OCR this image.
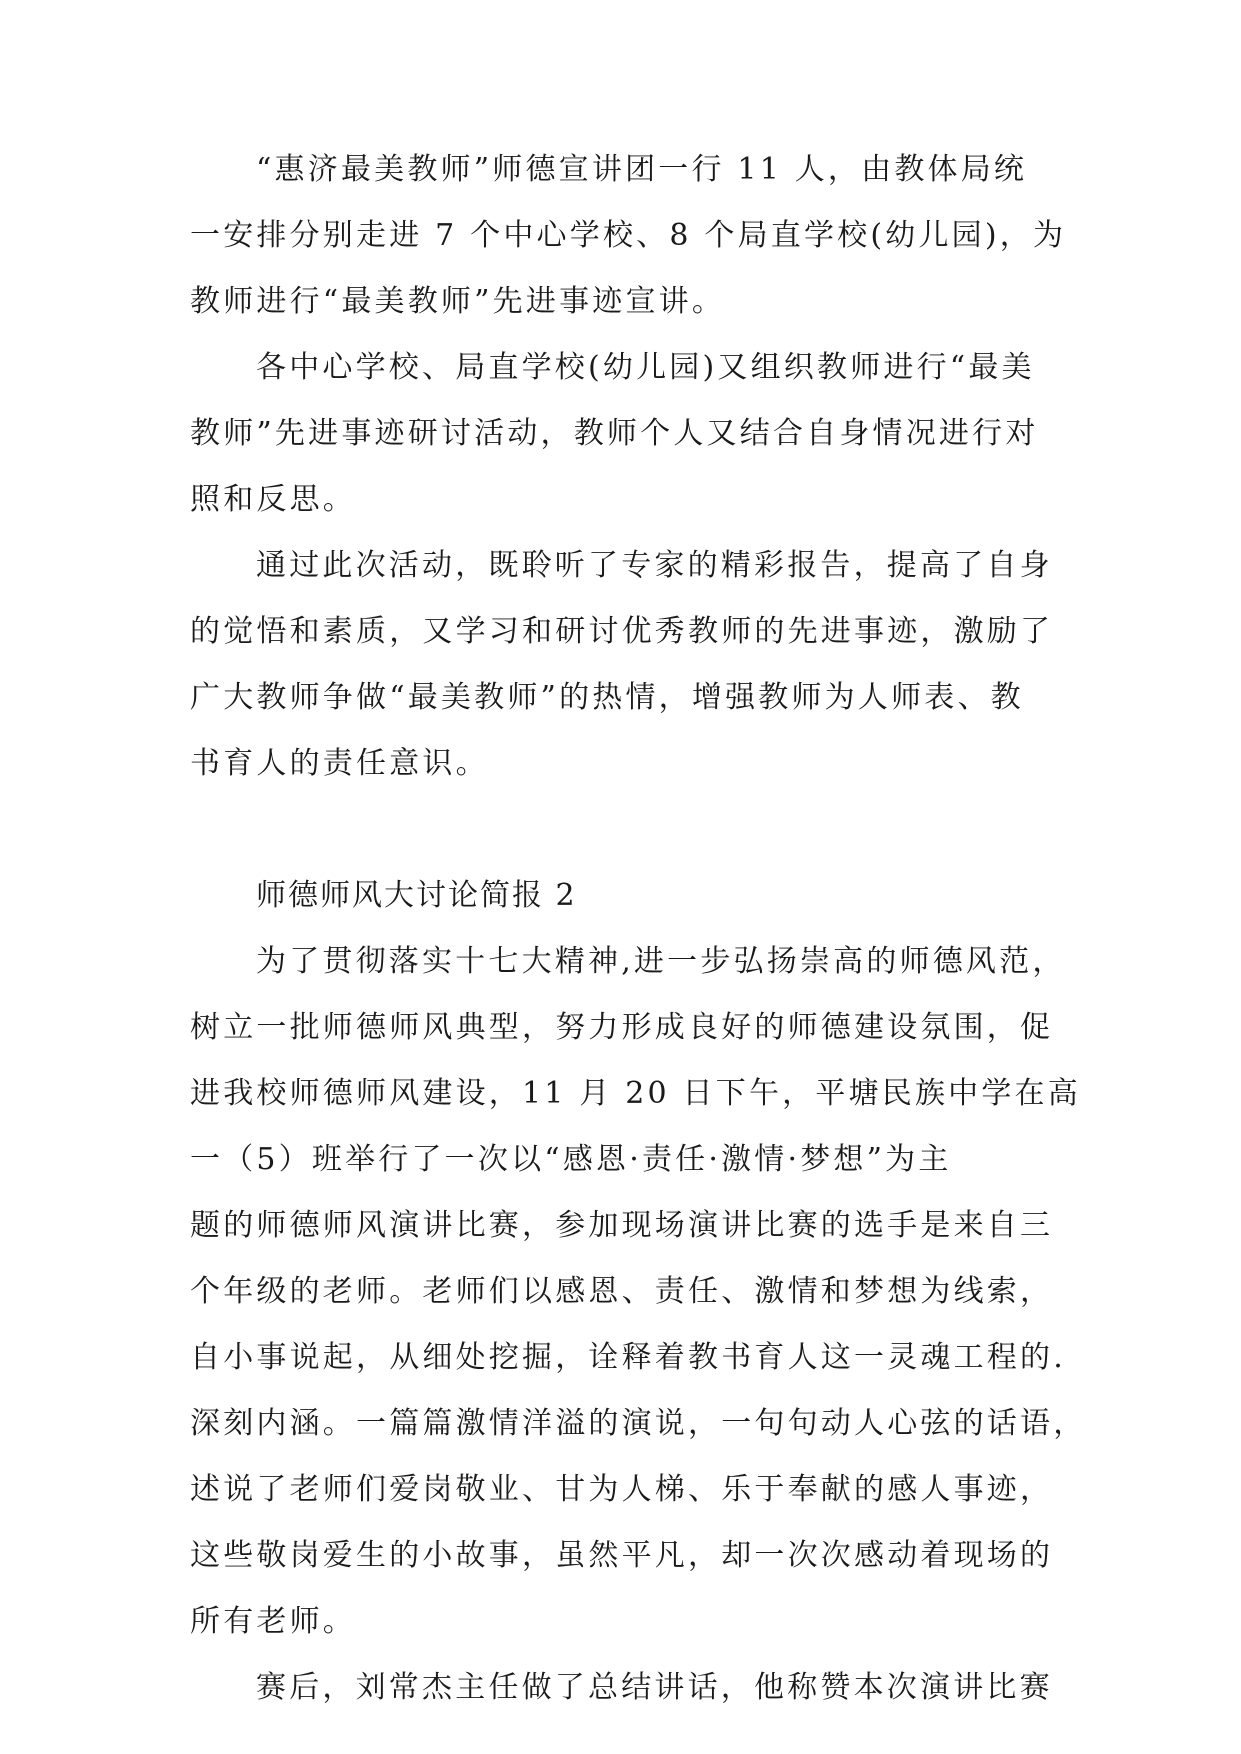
“惠济最美教师”师德宣讲团一行 11 人，由教体局统
一安排分别走进 7 个中心学校、8 个局直学校(幼儿园)，为
教师进行“最美教师”先进事迹宣讲。
各中心学校、局直学校(幼儿园)又组织教师进行“最美
教师”先进事迹研讨活动，教师个人又结合自身情况进行对
照和反思。
通过此次活动，既聆听了专家的精彩报告，提高了自身
的觉悟和素质，又学习和研讨优秀教师的先进事迹，激励了
广大教师争做“最美教师”的热情，增强教师为人师表、教
书育人的责任意识。
师德师风大讨论简报 2
为了贯彻落实十七大精神,进一步弘扬崇高的师德风范，
树立一批师德师风典型，努力形成良好的师德建设氛围，促
进我校师德师风建设，11 月 20 日下午，平塘民族中学在高
一（5）班举行了一次以“感恩·责任·激情·梦想”为主
题的师德师风演讲比赛，参加现场演讲比赛的选手是来自三
个年级的老师。老师们以感恩、责任、激情和梦想为线索，
自小事说起，从细处挖掘，诠释着教书育人这一灵魂工程的.
深刻内涵。一篇篇激情洋溢的演说，一句句动人心弦的话语，
述说了老师们爱岗敬业、甘为人梯、乐于奉献的感人事迹，
这些敬岗爱生的小故事，虽然平凡，却一次次感动着现场的
所有老师。
赛后，刘常杰主任做了总结讲话，他称赞本次演讲比赛
